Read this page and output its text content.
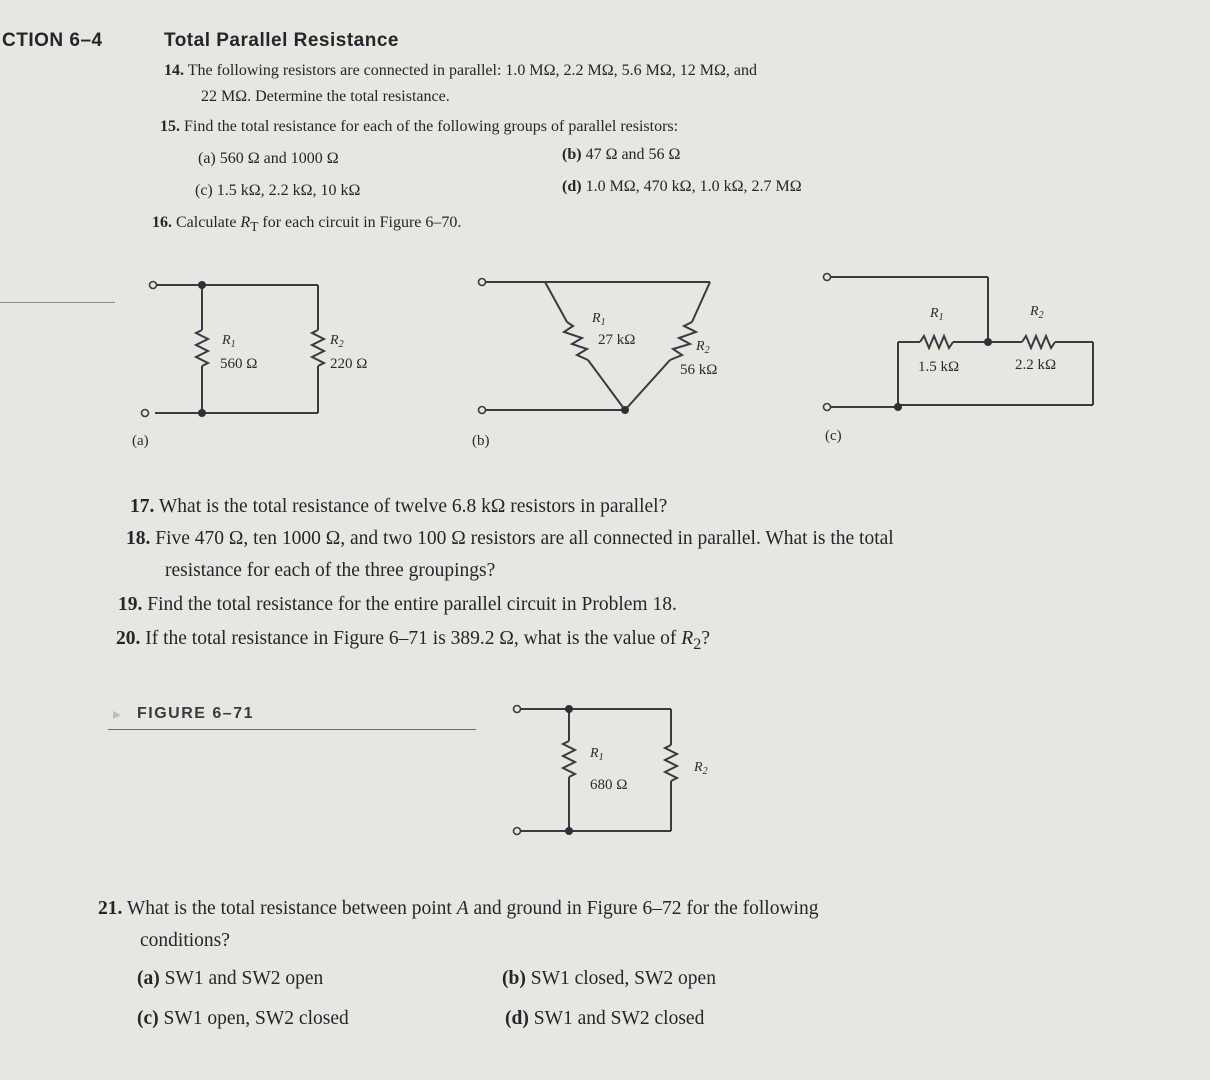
CTION 6–4	Total Parallel Resistance
14. The following resistors are connected in parallel: 1.0 MΩ, 2.2 MΩ, 5.6 MΩ, 12 MΩ, and
22 MΩ. Determine the total resistance.
15. Find the total resistance for each of the following groups of parallel resistors:
(a) 560 Ω and 1000 Ω	(b) 47 Ω and 56 Ω
(c) 1.5 kΩ, 2.2 kΩ, 10 kΩ	(d) 1.0 MΩ, 470 kΩ, 1.0 kΩ, 2.7 MΩ
16. Calculate $R_T$ for each circuit in Figure 6–70.
$R_1$
560 Ω
$R_2$
220 Ω
(a)
$R_1$
27 kΩ	$R_2$
56 kΩ
(b)
$R_1$
1.5 kΩ
$R_2$
2.2 kΩ
(c)
17. What is the total resistance of twelve 6.8 kΩ resistors in parallel?
18. Five 470 Ω, ten 1000 Ω, and two 100 Ω resistors are all connected in parallel. What is the total
resistance for each of the three groupings?
19. Find the total resistance for the entire parallel circuit in Problem 18.
20. If the total resistance in Figure 6–71 is 389.2 Ω, what is the value of $R_2$?
FIGURE 6–71
$R_1$
680 Ω
$R_2$
21. What is the total resistance between point A and ground in Figure 6–72 for the following
conditions?
(a) SW1 and SW2 open	(b) SW1 closed, SW2 open
(c) SW1 open, SW2 closed	(d) SW1 and SW2 closed
